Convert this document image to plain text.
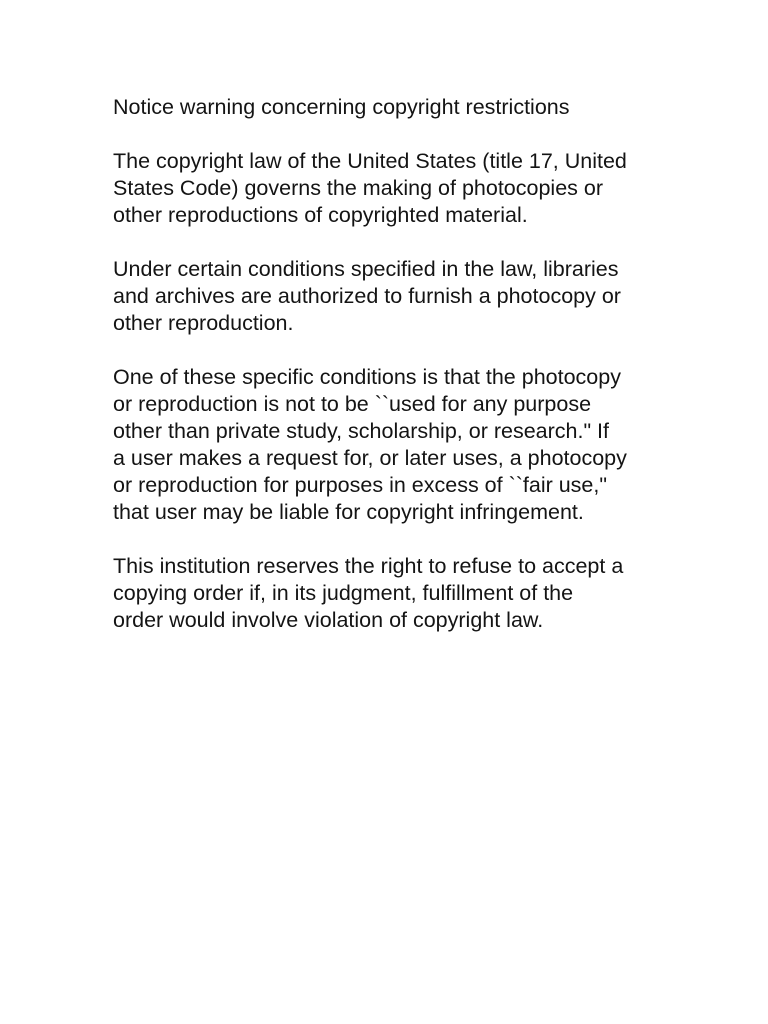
Notice warning concerning copyright restrictions
The copyright law of the United States (title 17, United
States Code) governs the making of photocopies or
other reproductions of copyrighted material.
Under certain conditions specified in the law, libraries
and archives are authorized to furnish a photocopy or
other reproduction.
One of these specific conditions is that the photocopy
or reproduction is not to be ``used for any purpose
other than private study, scholarship, or research." If
a user makes a request for, or later uses, a photocopy
or reproduction for purposes in excess of ``fair use,"
that user may be liable for copyright infringement.
This institution reserves the right to refuse to accept a
copying order if, in its judgment, fulfillment of the
order would involve violation of copyright law.
